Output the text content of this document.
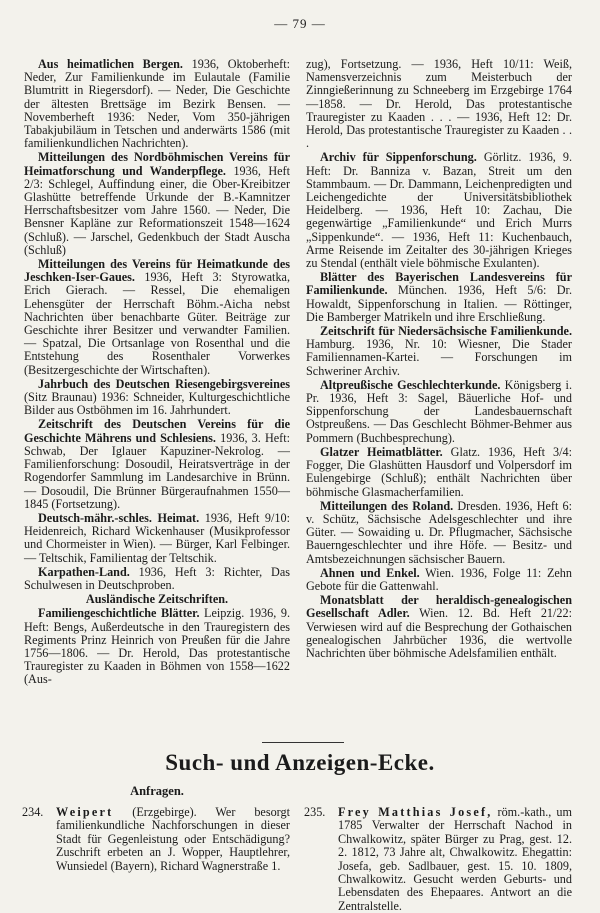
— 79 —
Aus heimatlichen Bergen. 1936, Oktoberheft: Neder, Zur Familienkunde im Eulautale (Familie Blumtritt in Riegersdorf). — Neder, Die Geschichte der ältesten Brettsäge im Bezirk Bensen. — Novemberheft 1936: Neder, Vom 350-jährigen Tabakjubiläum in Tetschen und anderwärts 1586 (mit familienkundlichen Nachrichten).
Mitteilungen des Nordböhmischen Vereins für Heimatforschung und Wanderpflege. 1936, Heft 2/3: Schlegel, Auffindung einer, die Ober-Kreibitzer Glashütte betreffende Urkunde der B.-Kamnitzer Herrschaftsbesitzer vom Jahre 1560. — Neder, Die Bensner Kapläne zur Reformationszeit 1548—1624 (Schluß). — Jarschel, Gedenkbuch der Stadt Auscha (Schluß)
Mitteilungen des Vereins für Heimatkunde des Jeschken-Iser-Gaues. 1936, Heft 3: Styrowatka, Erich Gierach. — Ressel, Die ehemaligen Lehensgüter der Herrschaft Böhm.-Aicha nebst Nachrichten über benachbarte Güter. Beiträge zur Geschichte ihrer Besitzer und verwandter Familien. — Spatzal, Die Ortsanlage von Rosenthal und die Entstehung des Rosenthaler Vorwerkes (Besitzergeschichte der Wirtschaften).
Jahrbuch des Deutschen Riesengebirgsvereines (Sitz Braunau) 1936: Schneider, Kulturgeschichtliche Bilder aus Ostböhmen im 16. Jahrhundert.
Zeitschrift des Deutschen Vereins für die Geschichte Mährens und Schlesiens. 1936, 3. Heft: Schwab, Der Iglauer Kapuziner-Nekrolog. — Familienforschung: Dosoudil, Heiratsverträge in der Rogendorfer Sammlung im Landesarchive in Brünn. — Dosoudil, Die Brünner Bürgeraufnahmen 1550—1845 (Fortsetzung).
Deutsch-mähr.-schles. Heimat. 1936, Heft 9/10: Heidenreich, Richard Wickenhauser (Musikprofessor und Chormeister in Wien). — Bürger, Karl Felbinger. — Teltschik, Familientag der Teltschik.
Karpathen-Land. 1936, Heft 3: Richter, Das Schulwesen in Deutschproben.
Ausländische Zeitschriften.
Familiengeschichtliche Blätter. Leipzig. 1936, 9. Heft: Bengs, Außerdeutsche in den Trauregistern des Regiments Prinz Heinrich von Preußen für die Jahre 1756—1806. — Dr. Herold, Das protestantische Trauregister zu Kaaden in Böhmen von 1558—1622 (Aus-
zug), Fortsetzung. — 1936, Heft 10/11: Weiß, Namensverzeichnis zum Meisterbuch der Zinngießerinnung zu Schneeberg im Erzgebirge 1764—1858. — Dr. Herold, Das protestantische Trauregister zu Kaaden . . . — 1936, Heft 12: Dr. Herold, Das protestantische Trauregister zu Kaaden . . .
Archiv für Sippenforschung. Görlitz. 1936, 9. Heft: Dr. Banniza v. Bazan, Streit um den Stammbaum. — Dr. Dammann, Leichenpredigten und Leichengedichte der Universitätsbibliothek Heidelberg. — 1936, Heft 10: Zachau, Die gegenwärtige „Familienkunde“ und Erich Murrs „Sippenkunde“. — 1936, Heft 11: Kuchenbauch, Arme Reisende im Zeitalter des 30-jährigen Krieges zu Stendal (enthält viele böhmische Exulanten).
Blätter des Bayerischen Landesvereins für Familienkunde. München. 1936, Heft 5/6: Dr. Howaldt, Sippenforschung in Italien. — Röttinger, Die Bamberger Matrikeln und ihre Erschließung.
Zeitschrift für Niedersächsische Familienkunde. Hamburg. 1936, Nr. 10: Wiesner, Die Stader Familiennamen-Kartei. — Forschungen im Schweriner Archiv.
Altpreußische Geschlechterkunde. Königsberg i. Pr. 1936, Heft 3: Sagel, Bäuerliche Hof- und Sippenforschung der Landesbauernschaft Ostpreußens. — Das Geschlecht Böhmer-Behmer aus Pommern (Buchbesprechung).
Glatzer Heimatblätter. Glatz. 1936, Heft 3/4: Fogger, Die Glashütten Hausdorf und Volpersdorf im Eulengebirge (Schluß); enthält Nachrichten über böhmische Glasmacherfamilien.
Mitteilungen des Roland. Dresden. 1936, Heft 6: v. Schütz, Sächsische Adelsgeschlechter und ihre Güter. — Sowaiding u. Dr. Pflugmacher, Sächsische Bauerngeschlechter und ihre Höfe. — Besitz- und Amtsbezeichnungen sächsischer Bauern.
Ahnen und Enkel. Wien. 1936, Folge 11: Zehn Gebote für die Gattenwahl.
Monatsblatt der heraldisch-genealogischen Gesellschaft Adler. Wien. 12. Bd. Heft 21/22: Verwiesen wird auf die Besprechung der Gothaischen genealogischen Jahrbücher 1936, die wertvolle Nachrichten über böhmische Adelsfamilien enthält.
Such- und Anzeigen-Ecke.
Anfragen.
234. Weipert (Erzgebirge). Wer besorgt familienkundliche Nachforschungen in dieser Stadt für Gegenleistung oder Entschädigung? Zuschrift erbeten an J. Wopper, Hauptlehrer, Wunsiedel (Bayern), Richard Wagnerstraße 1.
235. Frey Matthias Josef, röm.-kath., um 1785 Verwalter der Herrschaft Nachod in Chwalkowitz, später Bürger zu Prag, gest. 12. 2. 1812, 73 Jahre alt, Chwalkowitz. Ehegattin: Josefa, geb. Sadlbauer, gest. 15. 10. 1809, Chwalkowitz. Gesucht werden Geburts- und Lebensdaten des Ehepaares. Antwort an die Zentralstelle.
